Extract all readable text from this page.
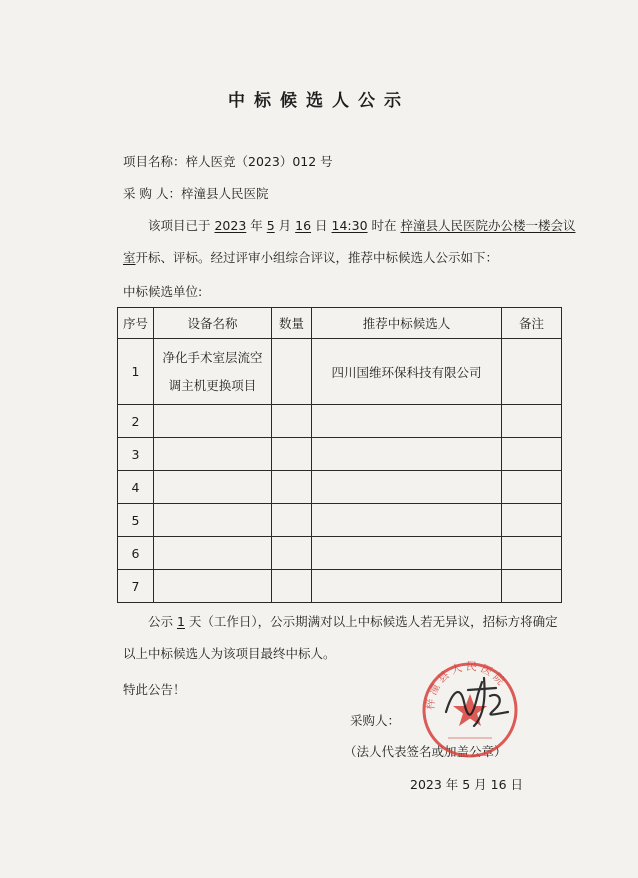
中标候选人公示
项目名称：梓人医竞（2023）012 号
采 购 人：梓潼县人民医院
该项目已于 2023 年 5 月 16 日 14:30 时在 梓潼县人民医院办公楼一楼会议
室开标、评标。经过评审小组综合评议，推荐中标候选人公示如下：
中标候选单位:
序号	设备名称	数量	推荐中标候选人	备注
1	净化手术室层流空
调主机更换项目		四川国维环保科技有限公司	
2				
3				
4				
5				
6				
7				
公示 1 天（工作日），公示期满对以上中标候选人若无异议，招标方将确定
以上中标候选人为该项目最终中标人。
特此公告！
采购人：
（法人代表签名或加盖公章）
2023 年 5 月 16 日
梓潼县人民医院
